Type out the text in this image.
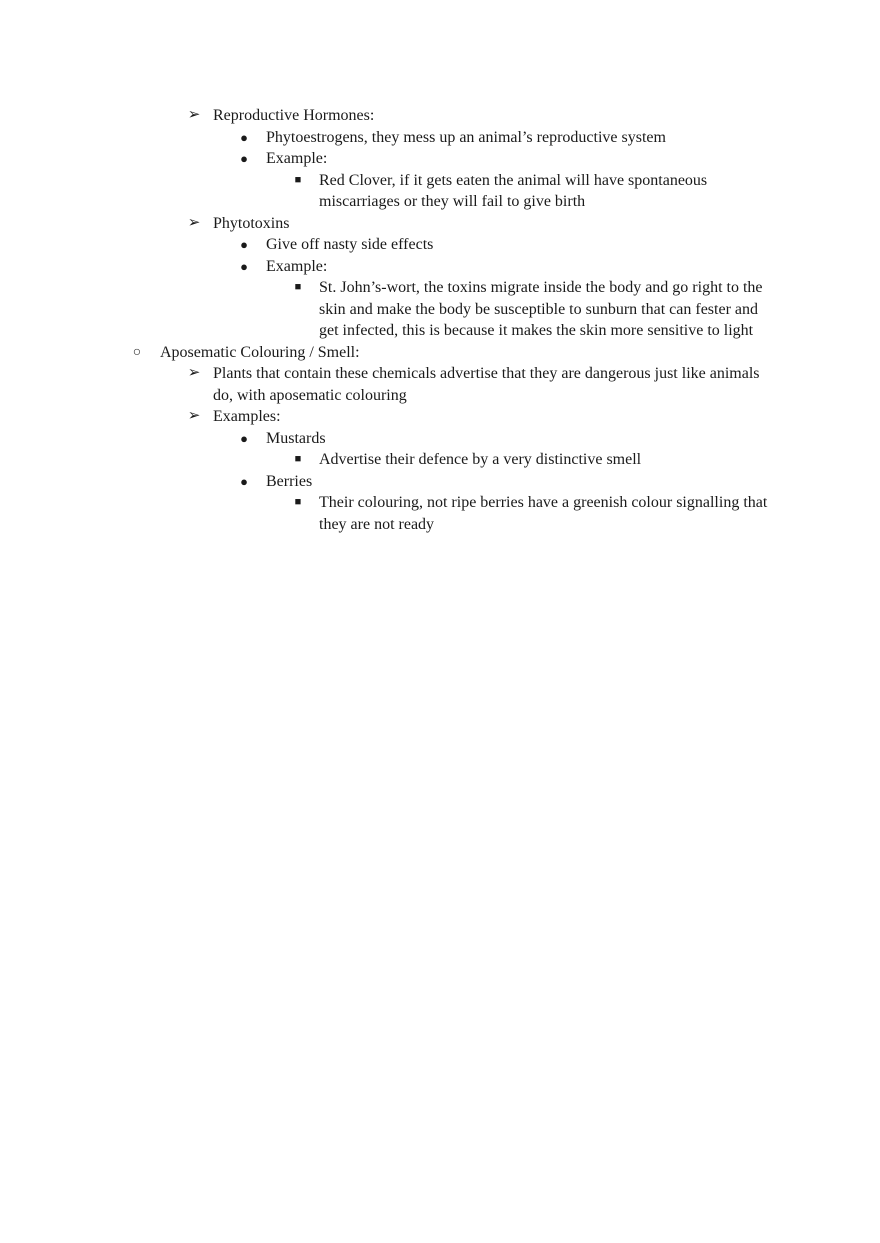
➢ Reproductive Hormones:
●	Phytoestrogens, they mess up an animal’s reproductive system
●	Example:
■	Red Clover, if it gets eaten the animal will have spontaneous miscarriages or they will fail to give birth
➢ Phytotoxins
●	Give off nasty side effects
●	Example:
■	St. John’s-wort, the toxins migrate inside the body and go right to the skin and make the body be susceptible to sunburn that can fester and get infected, this is because it makes the skin more sensitive to light
○	Aposematic Colouring / Smell:
➢ Plants that contain these chemicals advertise that they are dangerous just like animals do, with aposematic colouring
➢ Examples:
●	Mustards
■	Advertise their defence by a very distinctive smell
●	Berries
■	Their colouring, not ripe berries have a greenish colour signalling that they are not ready
